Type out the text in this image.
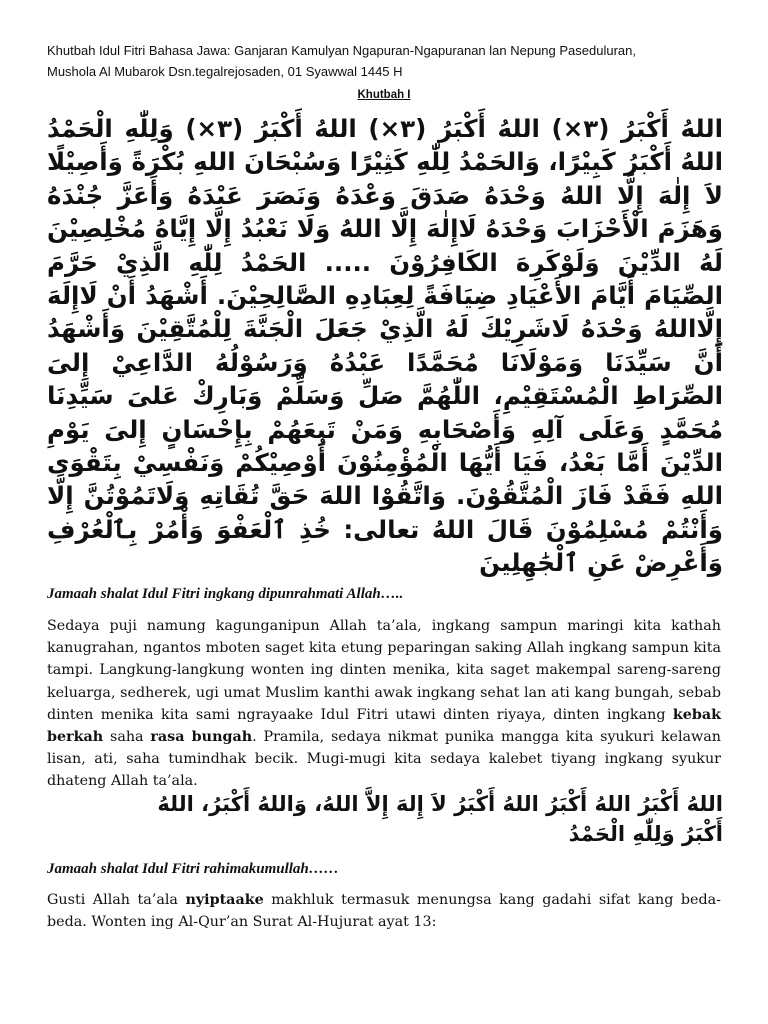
Khutbah Idul Fitri Bahasa Jawa: Ganjaran Kamulyan Ngapuran-Ngapuranan lan Nepung Paseduluran,
Mushola Al Mubarok Dsn.tegalrejosaden, 01 Syawwal 1445 H
Khutbah I
اللهُ أَكْبَرُ (٣×) اللهُ أَكْبَرُ (٣×) اللهُ أَكْبَرُ (٣×) وَلِلّٰهِ الْحَمْدُ اللهُ أَكْبَرُ كَبِيْرًا، وَالحَمْدُ لِلّٰهِ كَثِيْرًا وَسُبْحَانَ اللهِ بُكْرَةً وَأَصِيْلًا لاَ إِلٰهَ إِلَّا اللهُ وَحْدَهُ صَدَقَ وَعْدَهُ وَنَصَرَ عَبْدَهُ وَأَعَزَّ جُنْدَهُ وَهَزَمَ الْأَحْزَابَ وَحْدَهُ لَاإِلٰهَ إِلَّا اللهُ وَلَا نَعْبُدُ إِلَّا إِيَّاهُ مُخْلِصِيْنَ لَهُ الدِّيْنَ وَلَوْكَرِهَ الكَافِرُوْنَ ..... الحَمْدُ لِلّٰهِ الَّذِيْ حَرَّمَ الصِّيَامَ أَيَّامَ الأَعْيَادِ ضِيَافَةً لِعِبَادِهِ الصَّالِحِيْنَ. أَشْهَدُ أَنْ لَاإِلَهَ إِلَّااللهُ وَحْدَهُ لَاشَرِيْكَ لَهُ الَّذِيْ جَعَلَ الْجَنَّةَ لِلْمُتَّقِيْنَ وَأَشْهَدُ أَنَّ سَيِّدَنَا وَمَوْلَانَا مُحَمَّدًا عَبْدُهُ وَرَسُوْلُهُ الدَّاعِيْ إِلىَ الصِّرَاطِ الْمُسْتَقِيْمِ، اللّٰهُمَّ صَلِّ وَسَلِّمْ وَبَارِكْ عَلىَ سَيِّدِنَا مُحَمَّدٍ وَعَلَى آلِهِ وَأَصْحَابِهِ وَمَنْ تَبِعَهُمْ بِإِحْسَانٍ إِلىَ يَوْمِ الدِّيْنَ أَمَّا بَعْدُ، فَيَا أَيُّهَا الْمُؤْمِنُوْنَ أُوْصِيْكُمْ وَنَفْسِيْ بِتَقْوَى اللهِ فَقَدْ فَازَ الْمُتَّقُوْنَ. وَاتَّقُوْا اللهَ حَقَّ تُقَاتِهِ وَلَاتَمُوْتُنَّ إِلَّا وَأَنْتُمْ مُسْلِمُوْنَ قَالَ اللهُ تعالى: خُذِ ٱلْعَفْوَ وَأْمُرْ بِٱلْعُرْفِ وَأَعْرِضْ عَنِ ٱلْجَٰهِلِينَ
Jamaah shalat Idul Fitri ingkang dipunrahmati Allah…..

Sedaya puji namung kagunganipun Allah ta’ala, ingkang sampun maringi kita kathah kanugrahan, ngantos mboten saget kita etung peparingan saking Allah ingkang sampun kita tampi. Langkung-langkung wonten ing dinten menika, kita saget makempal sareng-sareng keluarga, sedherek, ugi umat Muslim kanthi awak ingkang sehat lan ati kang bungah, sebab dinten menika kita sami ngrayaake Idul Fitri utawi dinten riyaya, dinten ingkang kebak berkah saha rasa bungah. Pramila, sedaya nikmat punika mangga kita syukuri kelawan lisan, ati, saha tumindhak becik. Mugi-mugi kita sedaya kalebet tiyang ingkang syukur dhateng Allah ta’ala.

اللهُ أَكْبَرُ اللهُ أَكْبَرُ اللهُ أَكْبَرُ لاَ إِلهَ إِلاَّ اللهُ، وَاللهُ أَكْبَرُ، اللهُ
أَكْبَرُ وَلِلّٰهِ الْحَمْدُ
Jamaah shalat Idul Fitri rahimakumullah……

Gusti Allah ta’ala nyiptaake makhluk termasuk menungsa kang gadahi sifat kang beda-beda. Wonten ing Al-Qur’an Surat Al-Hujurat ayat 13:
